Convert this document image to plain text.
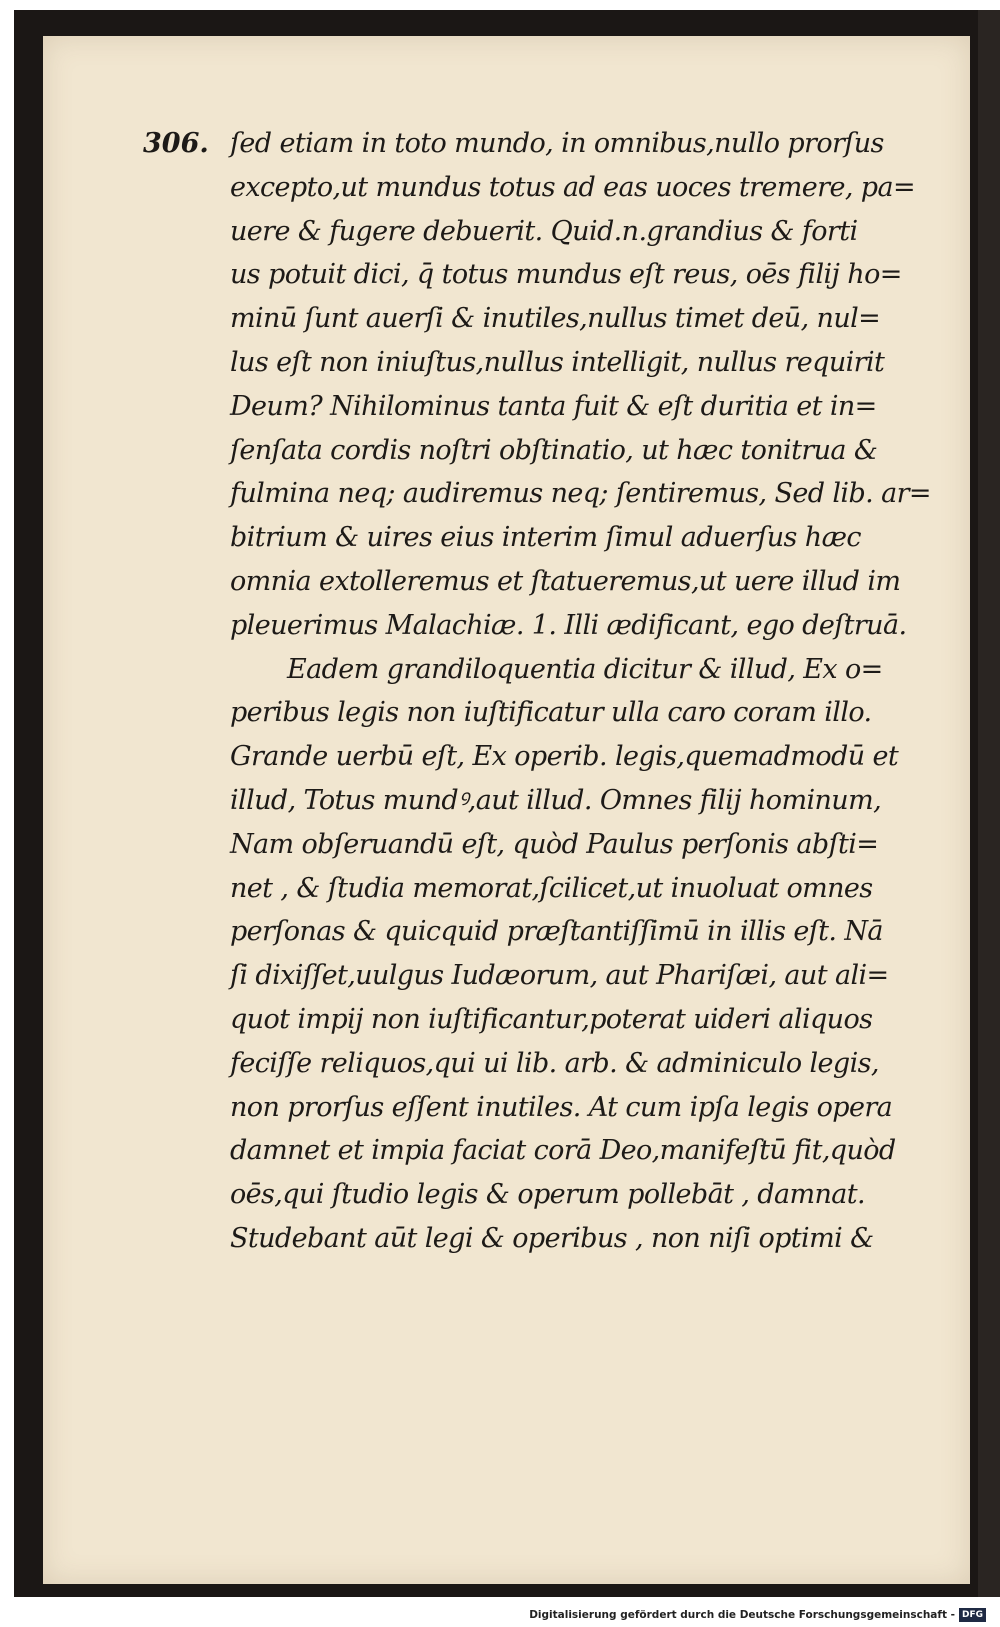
306. ſed etiam in toto mundo, in omnibus,nullo prorſus
excepto,ut mundus totus ad eas uoces tremere, pa=
uere & fugere debuerit. Quid.n.grandius & forti
us potuit dici, q̄ totus mundus eſt reus, oēs filij ho=
minū ſunt auerſi & inutiles,nullus timet deū, nul=
lus eſt non iniuſtus,nullus intelligit, nullus requirit
Deum? Nihilominus tanta fuit & eſt duritia et in=
ſenſata cordis noſtri obſtinatio, ut hæc tonitrua &
fulmina neq; audiremus neq; ſentiremus, Sed lib. ar=
bitrium & uires eius interim ſimul aduerſus hæc
omnia extolleremus et ſtatueremus,ut uere illud im
pleuerimus Malachiæ. 1. Illi ædificant, ego deſtruā.
Eadem grandiloquentia dicitur & illud, Ex o=
peribus legis non iuſtificatur ulla caro coram illo.
Grande uerbū eſt, Ex operib. legis,quemadmodū et
illud, Totus mundꝰ,aut illud. Omnes filij hominum,
Nam obſeruandū eſt, quòd Paulus perſonis abſti=
net , & ſtudia memorat,ſcilicet,ut inuoluat omnes
perſonas & quicquid præſtantiſſimū in illis eſt. Nā
ſi dixiſſet,uulgus Iudæorum, aut Phariſæi, aut ali=
quot impij non iuſtificantur,poterat uideri aliquos
feciſſe reliquos,qui ui lib. arb. & adminiculo legis,
non prorſus eſſent inutiles. At cum ipſa legis opera
damnet et impia faciat corā Deo,manifeſtū fit,quòd
oēs,qui ſtudio legis & operum pollebāt , damnat.
Studebant aūt legi & operibus , non niſi optimi &

Digitalisierung gefördert durch die Deutsche Forschungsgemeinschaft - DFG
